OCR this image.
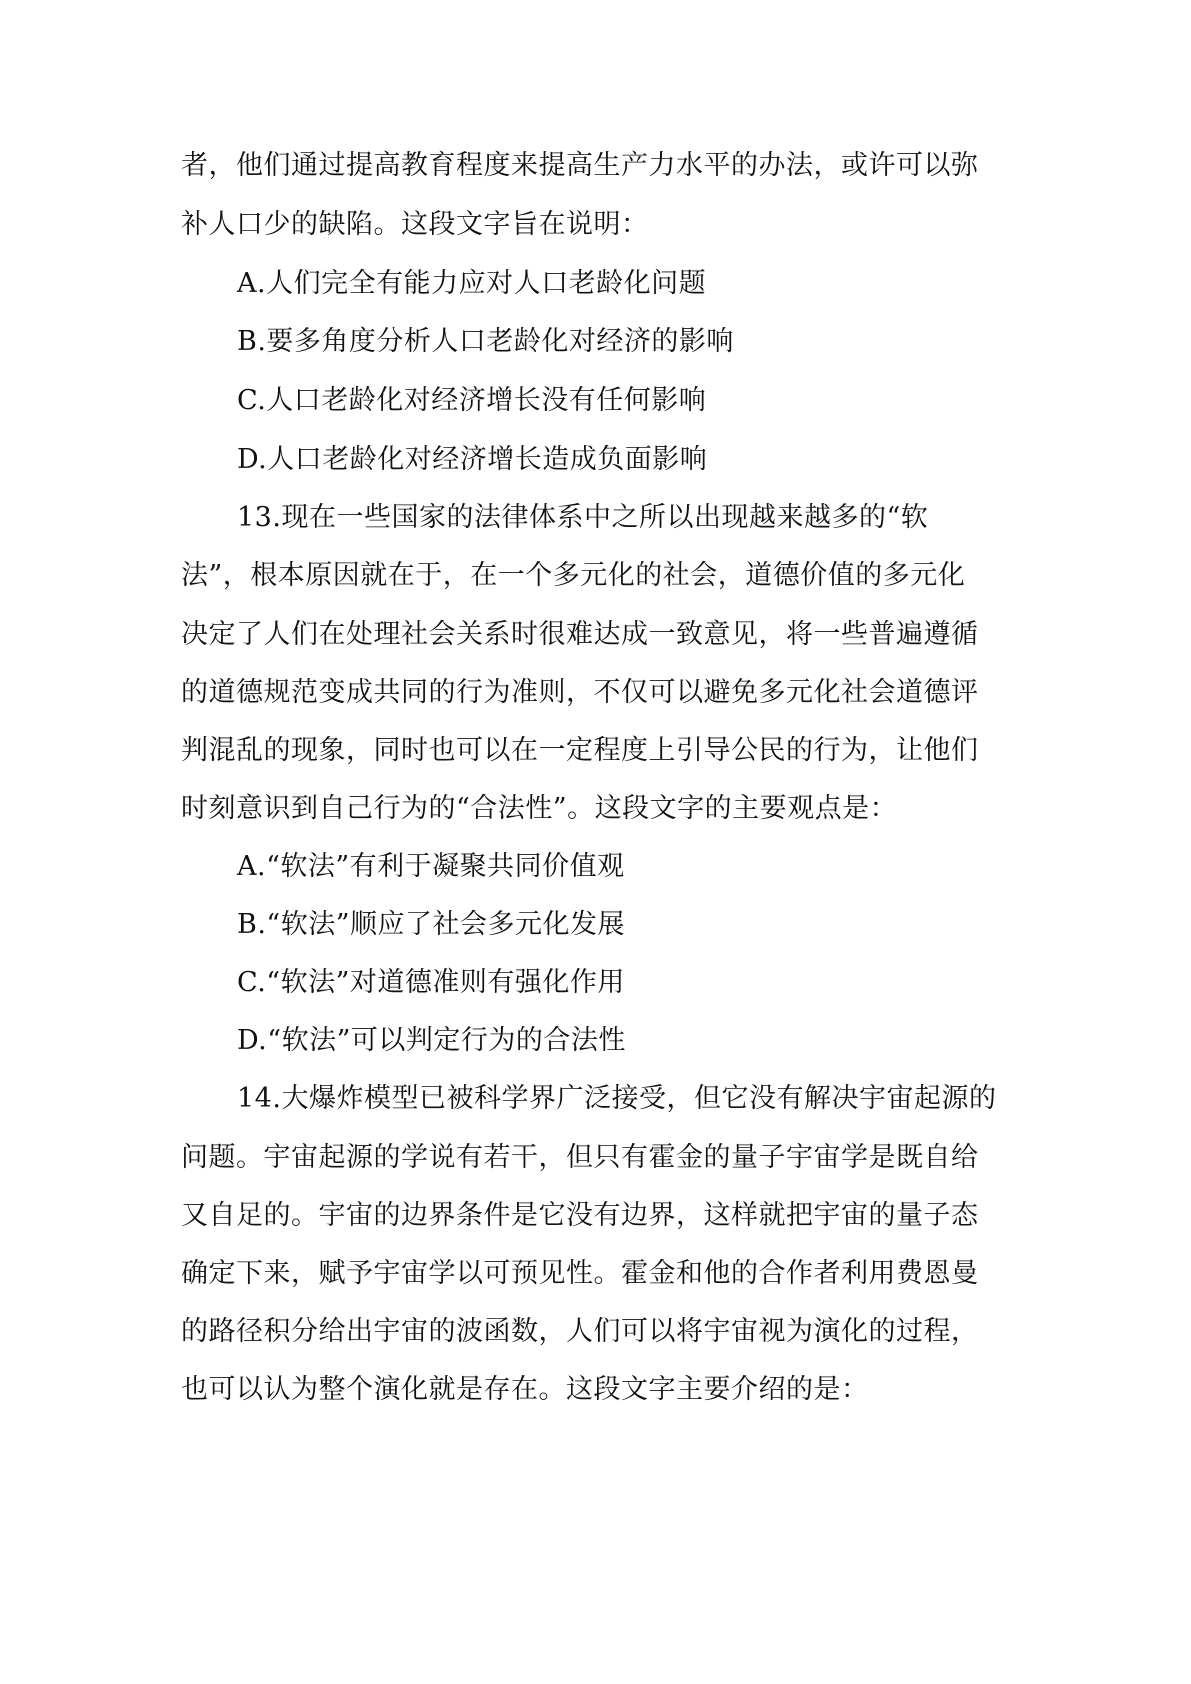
者，他们通过提高教育程度来提高生产力水平的办法，或许可以弥
补人口少的缺陷。这段文字旨在说明：
A.人们完全有能力应对人口老龄化问题
B.要多角度分析人口老龄化对经济的影响
C.人口老龄化对经济增长没有任何影响
D.人口老龄化对经济增长造成负面影响
13.现在一些国家的法律体系中之所以出现越来越多的“软
法”，根本原因就在于，在一个多元化的社会，道德价值的多元化
决定了人们在处理社会关系时很难达成一致意见，将一些普遍遵循
的道德规范变成共同的行为准则，不仅可以避免多元化社会道德评
判混乱的现象，同时也可以在一定程度上引导公民的行为，让他们
时刻意识到自己行为的“合法性”。这段文字的主要观点是：
A.“软法”有利于凝聚共同价值观
B.“软法”顺应了社会多元化发展
C.“软法”对道德准则有强化作用
D.“软法”可以判定行为的合法性
14.大爆炸模型已被科学界广泛接受，但它没有解决宇宙起源的
问题。宇宙起源的学说有若干，但只有霍金的量子宇宙学是既自给
又自足的。宇宙的边界条件是它没有边界，这样就把宇宙的量子态
确定下来，赋予宇宙学以可预见性。霍金和他的合作者利用费恩曼
的路径积分给出宇宙的波函数，人们可以将宇宙视为演化的过程，
也可以认为整个演化就是存在。这段文字主要介绍的是：
